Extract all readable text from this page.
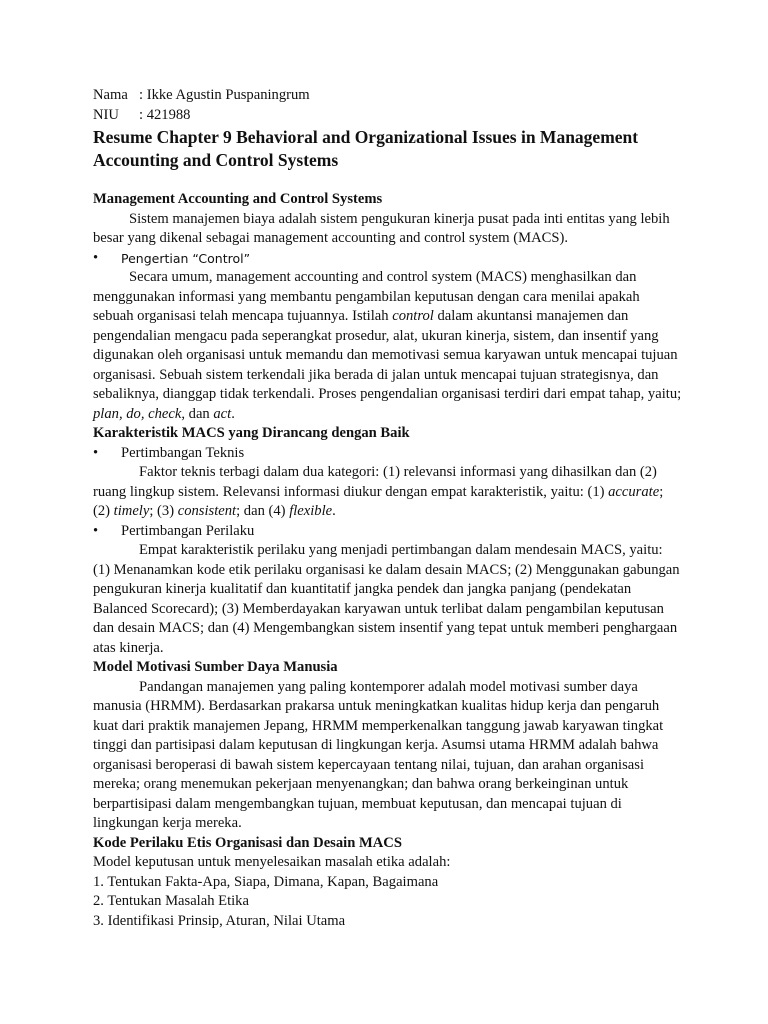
Nama : Ikke Agustin Puspaningrum
NIU	: 421988
Resume Chapter 9 Behavioral and Organizational Issues in Management Accounting and Control Systems
Management Accounting and Control Systems

Sistem manajemen biaya adalah sistem pengukuran kinerja pusat pada inti entitas yang lebih besar yang dikenal sebagai management accounting and control system (MACS).

•	Pengertian “Control”

Secara umum, management accounting and control system (MACS) menghasilkan dan menggunakan informasi yang membantu pengambilan keputusan dengan cara menilai apakah sebuah organisasi telah mencapa tujuannya. Istilah control dalam akuntansi manajemen dan pengendalian mengacu pada seperangkat prosedur, alat, ukuran kinerja, sistem, dan insentif yang digunakan oleh organisasi untuk memandu dan memotivasi semua karyawan untuk mencapai tujuan organisasi. Sebuah sistem terkendali jika berada di jalan untuk mencapai tujuan strategisnya, dan sebaliknya, dianggap tidak terkendali. Proses pengendalian organisasi terdiri dari empat tahap, yaitu; plan, do, check, dan act.

Karakteristik MACS yang Dirancang dengan Baik
•	Pertimbangan Teknis

Faktor teknis terbagi dalam dua kategori: (1) relevansi informasi yang dihasilkan dan (2) ruang lingkup sistem. Relevansi informasi diukur dengan empat karakteristik, yaitu: (1) accurate; (2) timely; (3) consistent; dan (4) flexible.

•	Pertimbangan Perilaku

Empat karakteristik perilaku yang menjadi pertimbangan dalam mendesain MACS, yaitu: (1) Menanamkan kode etik perilaku organisasi ke dalam desain MACS; (2) Menggunakan gabungan pengukuran kinerja kualitatif dan kuantitatif jangka pendek dan jangka panjang (pendekatan Balanced Scorecard); (3) Memberdayakan karyawan untuk terlibat dalam pengambilan keputusan dan desain MACS; dan (4) Mengembangkan sistem insentif yang tepat untuk memberi penghargaan atas kinerja.

Model Motivasi Sumber Daya Manusia

Pandangan manajemen yang paling kontemporer adalah model motivasi sumber daya manusia (HRMM). Berdasarkan prakarsa untuk meningkatkan kualitas hidup kerja dan pengaruh kuat dari praktik manajemen Jepang, HRMM memperkenalkan tanggung jawab karyawan tingkat tinggi dan partisipasi dalam keputusan di lingkungan kerja. Asumsi utama HRMM adalah bahwa organisasi beroperasi di bawah sistem kepercayaan tentang nilai, tujuan, dan arahan organisasi mereka; orang menemukan pekerjaan menyenangkan; dan bahwa orang berkeinginan untuk berpartisipasi dalam mengembangkan tujuan, membuat keputusan, dan mencapai tujuan di lingkungan kerja mereka.

Kode Perilaku Etis Organisasi dan Desain MACS

Model keputusan untuk menyelesaikan masalah etika adalah:

1. Tentukan Fakta-Apa, Siapa, Dimana, Kapan, Bagaimana

2. Tentukan Masalah Etika

3. Identifikasi Prinsip, Aturan, Nilai Utama
